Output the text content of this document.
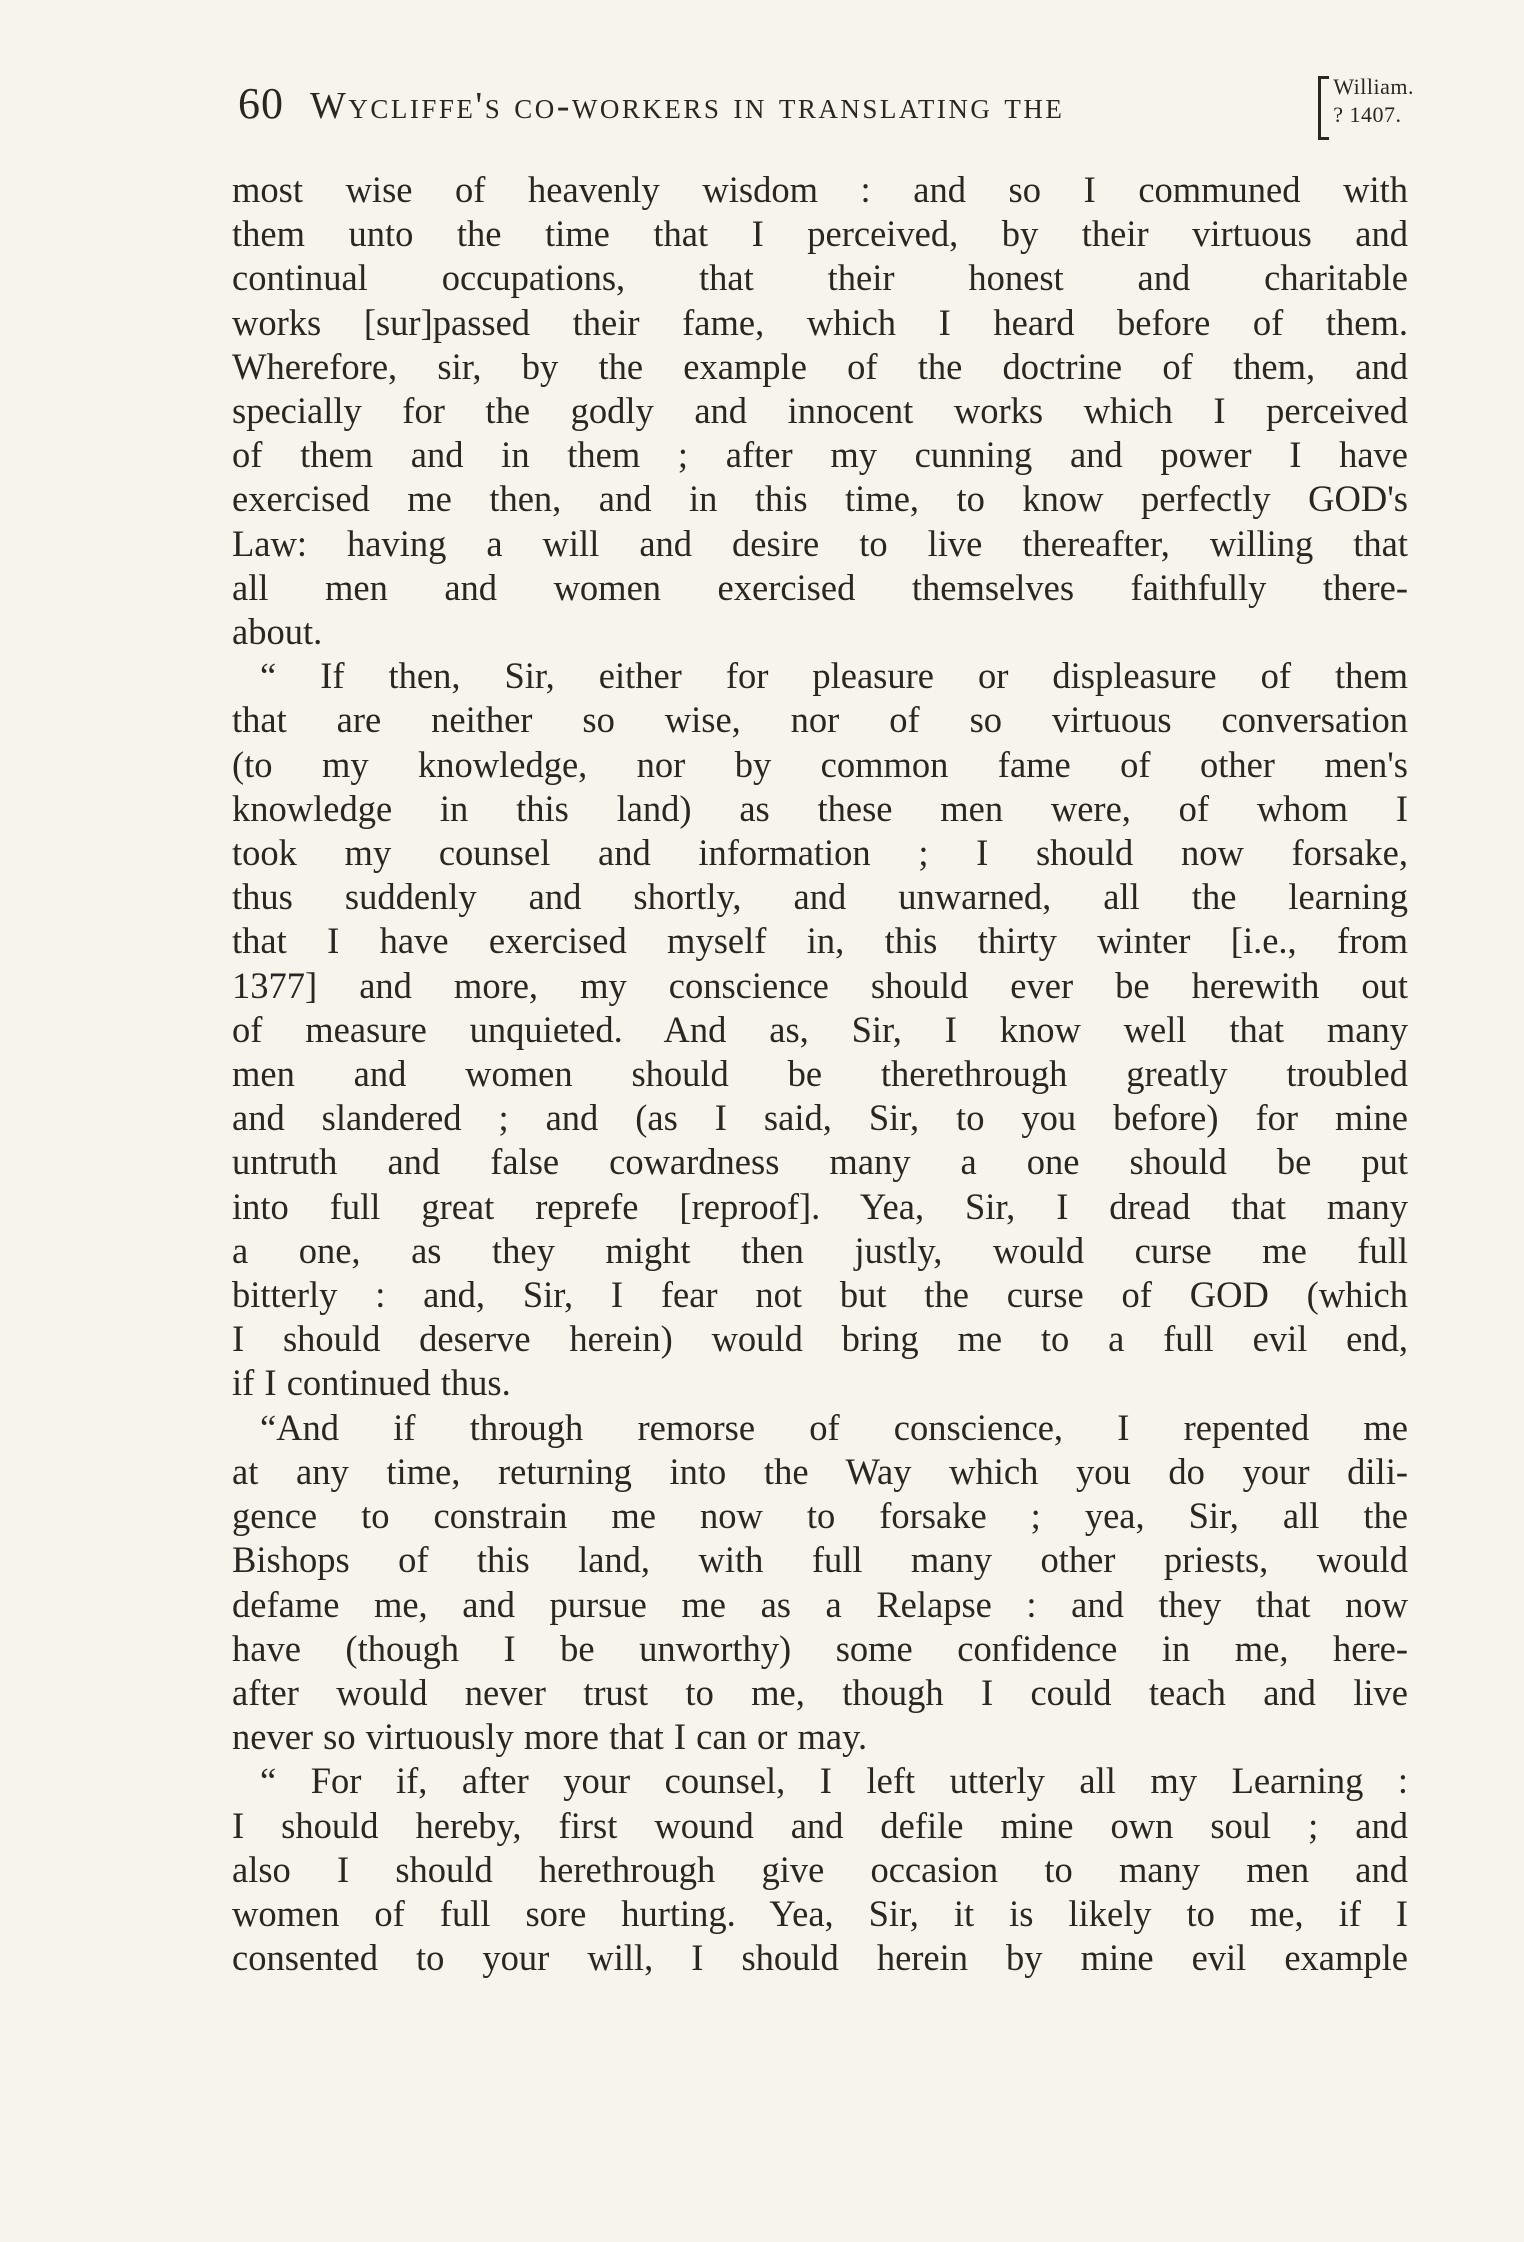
60 Wycliffe's co-workers in translating the	William.
? 1407.
most wise of heavenly wisdom : and so I communed with
them unto the time that I perceived, by their virtuous and
continual occupations, that their honest and charitable
works [sur]passed their fame, which I heard before of them.
Wherefore, sir, by the example of the doctrine of them, and
specially for the godly and innocent works which I perceived
of them and in them ; after my cunning and power I have
exercised me then, and in this time, to know perfectly GOD's
Law: having a will and desire to live thereafter, willing that
all men and women exercised themselves faithfully there-
about.
“ If then, Sir, either for pleasure or displeasure of them
that are neither so wise, nor of so virtuous conversation
(to my knowledge, nor by common fame of other men's
knowledge in this land) as these men were, of whom I
took my counsel and information ; I should now forsake,
thus suddenly and shortly, and unwarned, all the learning
that I have exercised myself in, this thirty winter [i.e., from
1377] and more, my conscience should ever be herewith out
of measure unquieted. And as, Sir, I know well that many
men and women should be therethrough greatly troubled
and slandered ; and (as I said, Sir, to you before) for mine
untruth and false cowardness many a one should be put
into full great reprefe [reproof]. Yea, Sir, I dread that many
a one, as they might then justly, would curse me full
bitterly : and, Sir, I fear not but the curse of GOD (which
I should deserve herein) would bring me to a full evil end,
if I continued thus.
“And if through remorse of conscience, I repented me
at any time, returning into the Way which you do your dili-
gence to constrain me now to forsake ; yea, Sir, all the
Bishops of this land, with full many other priests, would
defame me, and pursue me as a Relapse : and they that now
have (though I be unworthy) some confidence in me, here-
after would never trust to me, though I could teach and live
never so virtuously more that I can or may.
“ For if, after your counsel, I left utterly all my Learning :
I should hereby, first wound and defile mine own soul ; and
also I should herethrough give occasion to many men and
women of full sore hurting. Yea, Sir, it is likely to me, if I
consented to your will, I should herein by mine evil example
